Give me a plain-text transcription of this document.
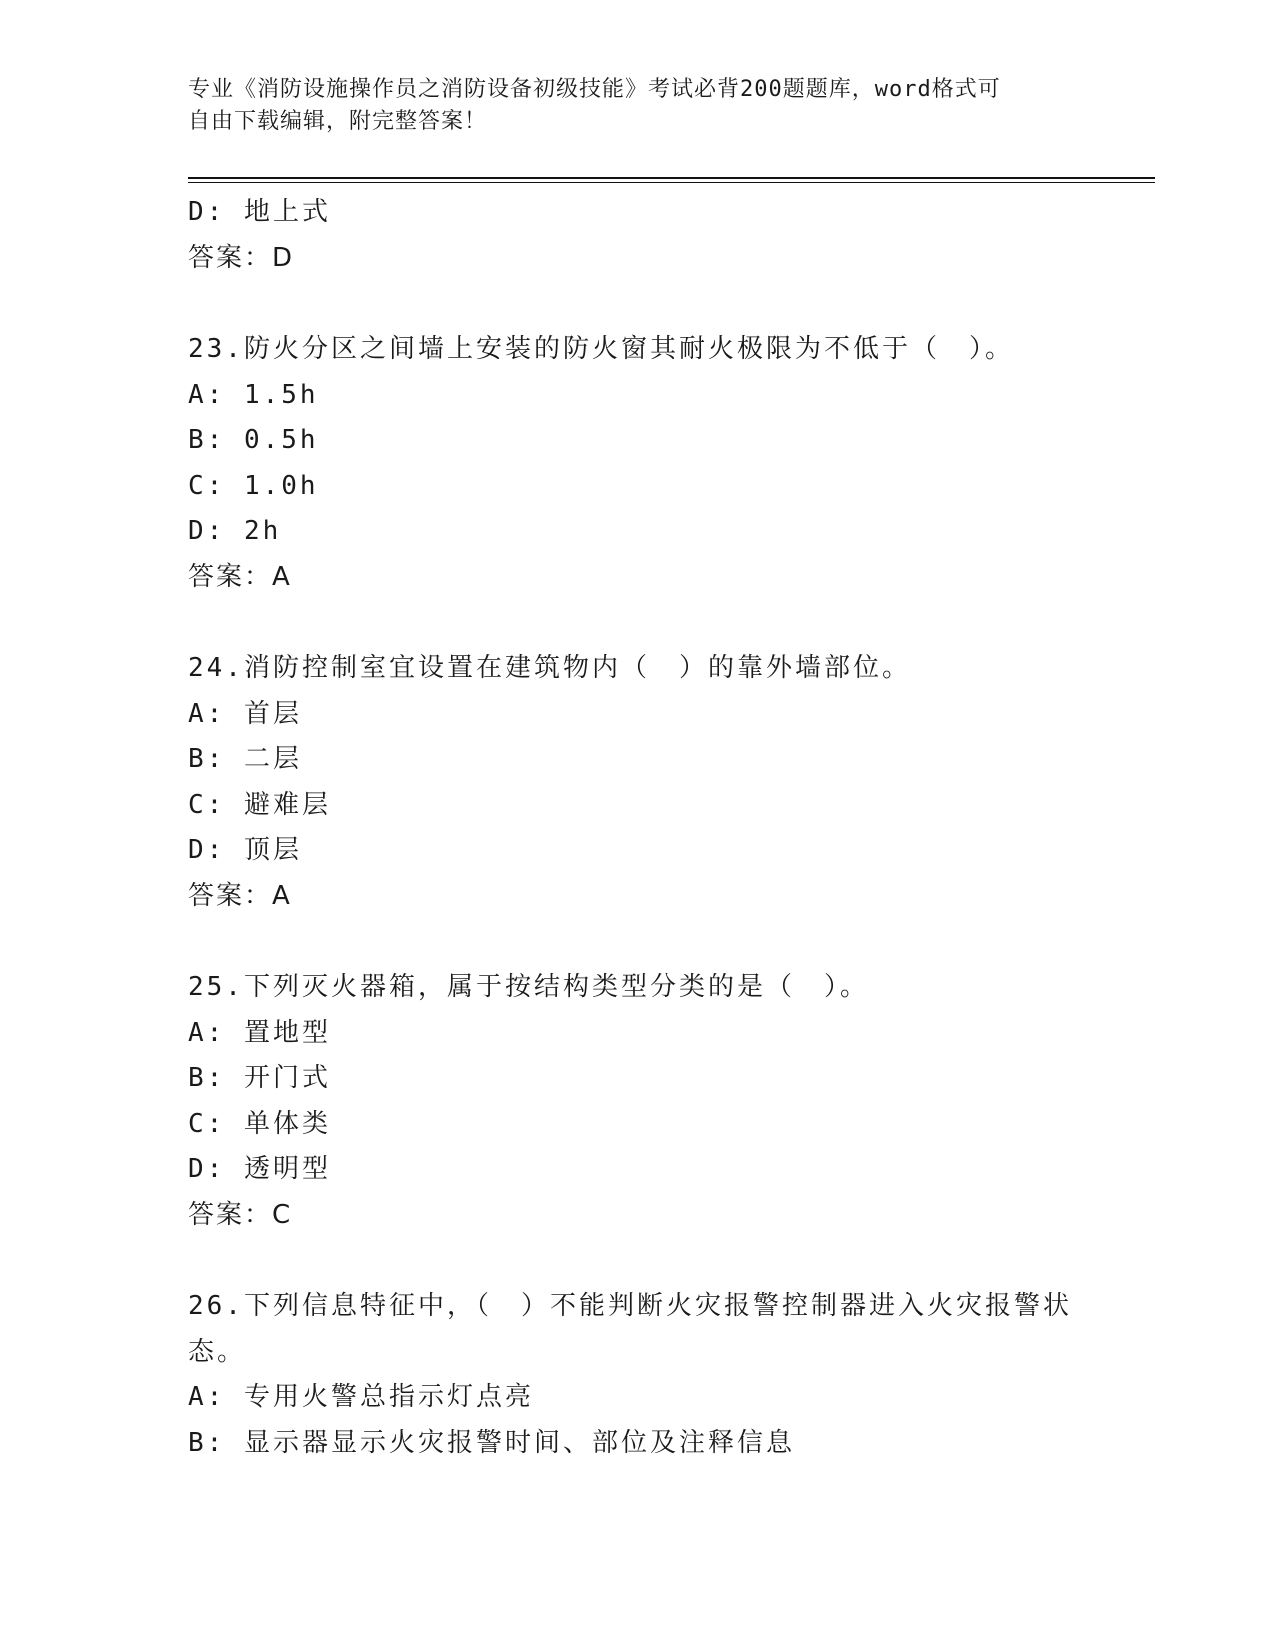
专业《消防设施操作员之消防设备初级技能》考试必背200题题库，word格式可
自由下载编辑，附完整答案！
D: 地上式
答案：D
23.防火分区之间墙上安装的防火窗其耐火极限为不低于（　）。
A: 1.5h
B: 0.5h
C: 1.0h
D: 2h
答案：A
24.消防控制室宜设置在建筑物内（　）的靠外墙部位。
A: 首层
B: 二层
C: 避难层
D: 顶层
答案：A
25.下列灭火器箱，属于按结构类型分类的是（　）。
A: 置地型
B: 开门式
C: 单体类
D: 透明型
答案：C
26.下列信息特征中，（　）不能判断火灾报警控制器进入火灾报警状
态。
A: 专用火警总指示灯点亮
B: 显示器显示火灾报警时间、部位及注释信息
